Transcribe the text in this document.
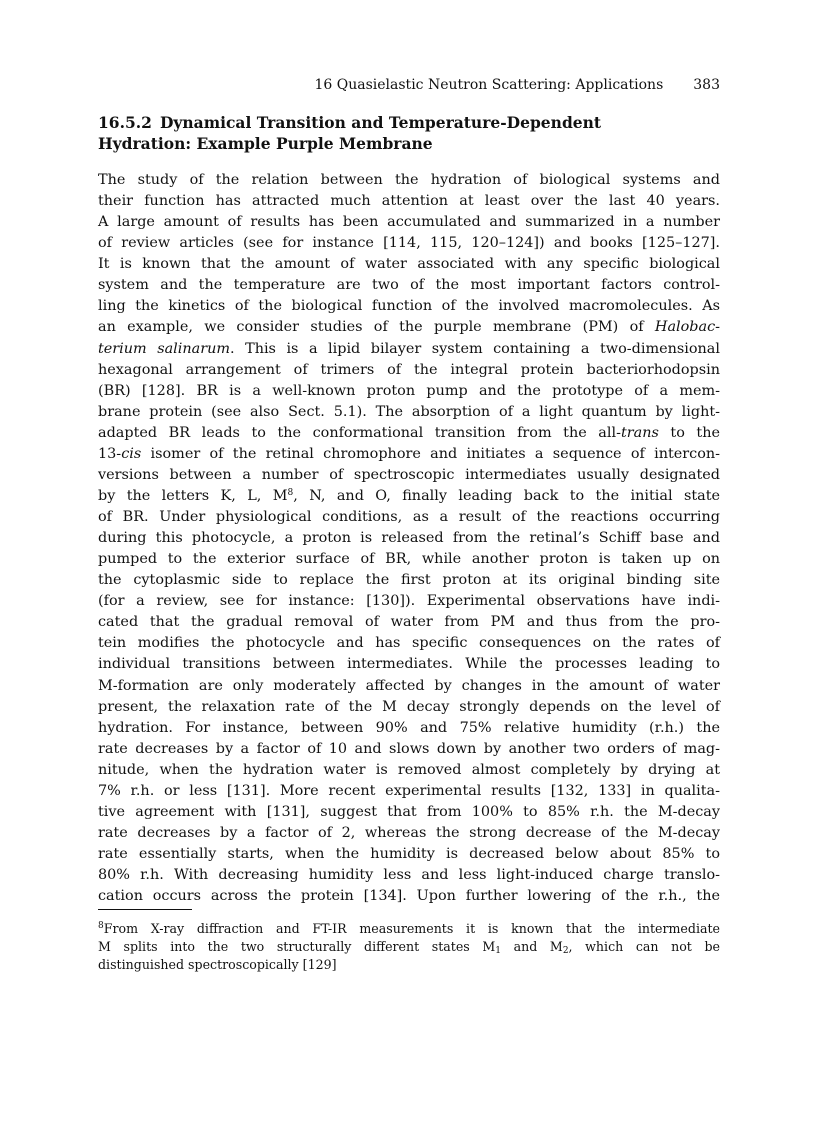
16 Quasielastic Neutron Scattering: Applications 383
16.5.2 Dynamical Transition and Temperature-Dependent
Hydration: Example Purple Membrane
The study of the relation between the hydration of biological systems and
their function has attracted much attention at least over the last 40 years.
A large amount of results has been accumulated and summarized in a number
of review articles (see for instance [114, 115, 120–124]) and books [125–127].
It is known that the amount of water associated with any specific biological
system and the temperature are two of the most important factors control-
ling the kinetics of the biological function of the involved macromolecules. As
an example, we consider studies of the purple membrane (PM) of Halobac-
terium salinarum. This is a lipid bilayer system containing a two-dimensional
hexagonal arrangement of trimers of the integral protein bacteriorhodopsin
(BR) [128]. BR is a well-known proton pump and the prototype of a mem-
brane protein (see also Sect. 5.1). The absorption of a light quantum by light-
adapted BR leads to the conformational transition from the all-trans to the
13-cis isomer of the retinal chromophore and initiates a sequence of intercon-
versions between a number of spectroscopic intermediates usually designated
by the letters K, L, $M^8$, N, and O, finally leading back to the initial state
of BR. Under physiological conditions, as a result of the reactions occurring
during this photocycle, a proton is released from the retinal’s Schiff base and
pumped to the exterior surface of BR, while another proton is taken up on
the cytoplasmic side to replace the first proton at its original binding site
(for a review, see for instance: [130]). Experimental observations have indi-
cated that the gradual removal of water from PM and thus from the pro-
tein modifies the photocycle and has specific consequences on the rates of
individual transitions between intermediates. While the processes leading to
M-formation are only moderately affected by changes in the amount of water
present, the relaxation rate of the M decay strongly depends on the level of
hydration. For instance, between 90% and 75% relative humidity (r.h.) the
rate decreases by a factor of 10 and slows down by another two orders of mag-
nitude, when the hydration water is removed almost completely by drying at
7% r.h. or less [131]. More recent experimental results [132, 133] in qualita-
tive agreement with [131], suggest that from 100% to 85% r.h. the M-decay
rate decreases by a factor of 2, whereas the strong decrease of the M-decay
rate essentially starts, when the humidity is decreased below about 85% to
80% r.h. With decreasing humidity less and less light-induced charge translo-
cation occurs across the protein [134]. Upon further lowering of the r.h., the
$^8$From X-ray diffraction and FT-IR measurements it is known that the intermediate
M splits into the two structurally different states $M_1$ and $M_2$, which can not be
distinguished spectroscopically [129]
